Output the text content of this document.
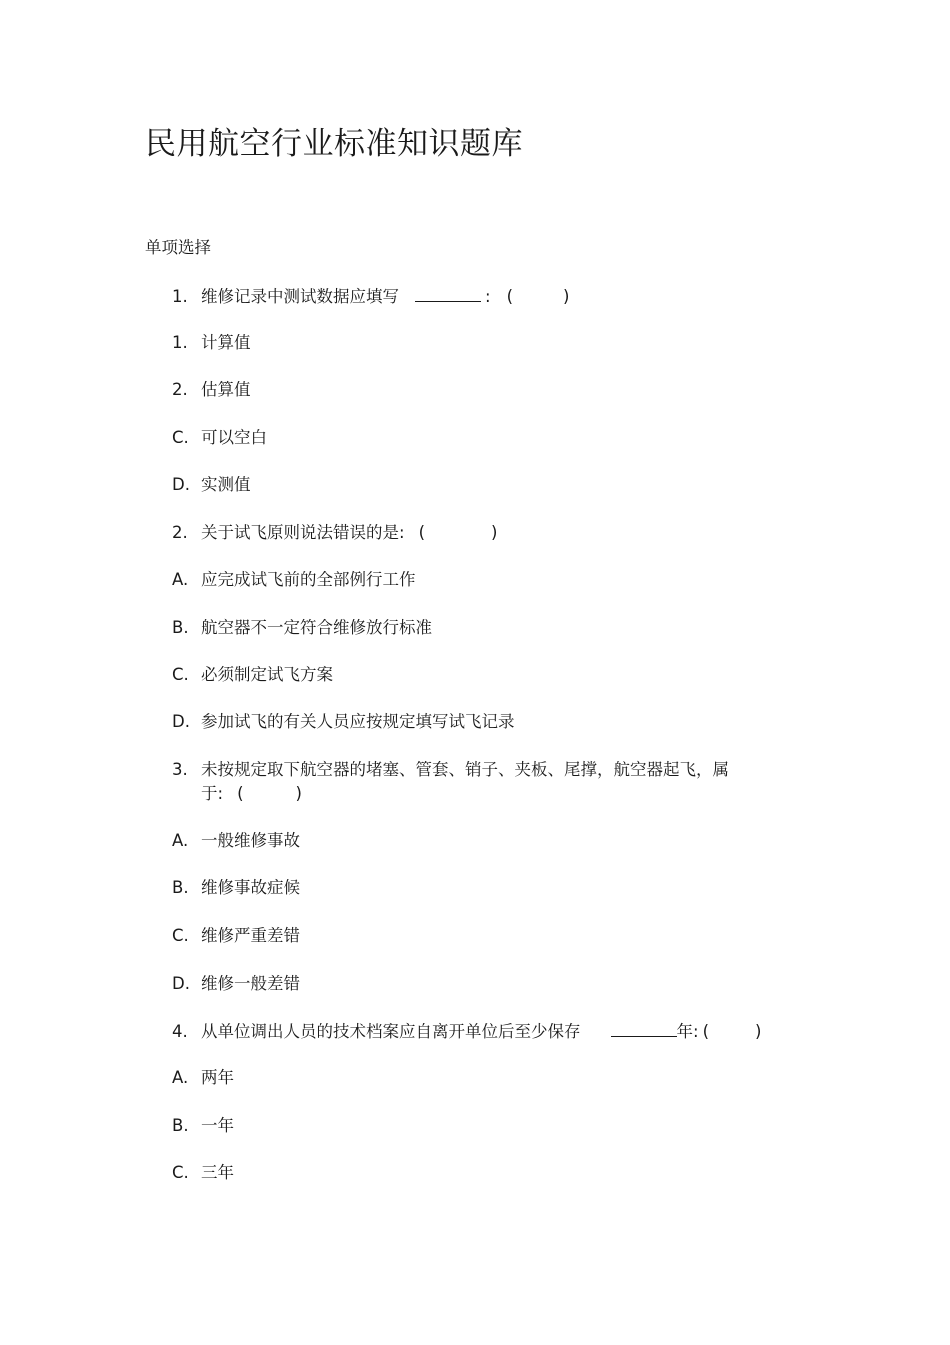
民用航空行业标准知识题库
单项选择
1. 维修记录中测试数据应填写	: (	)
1. 计算值
2. 估算值
C. 可以空白
D. 实测值
2. 关于试飞原则说法错误的是: (	)
A. 应完成试飞前的全部例行工作
B. 航空器不一定符合维修放行标准
C. 必须制定试飞方案
D. 参加试飞的有关人员应按规定填写试飞记录
3. 未按规定取下航空器的堵塞、管套、销子、夹板、尾撑，航空器起飞，属
于: (	)
A. 一般维修事故
B. 维修事故症候
C. 维修严重差错
D. 维修一般差错
4. 从单位调出人员的技术档案应自离开单位后至少保存	年: (	)
A. 两年
B. 一年
C. 三年
